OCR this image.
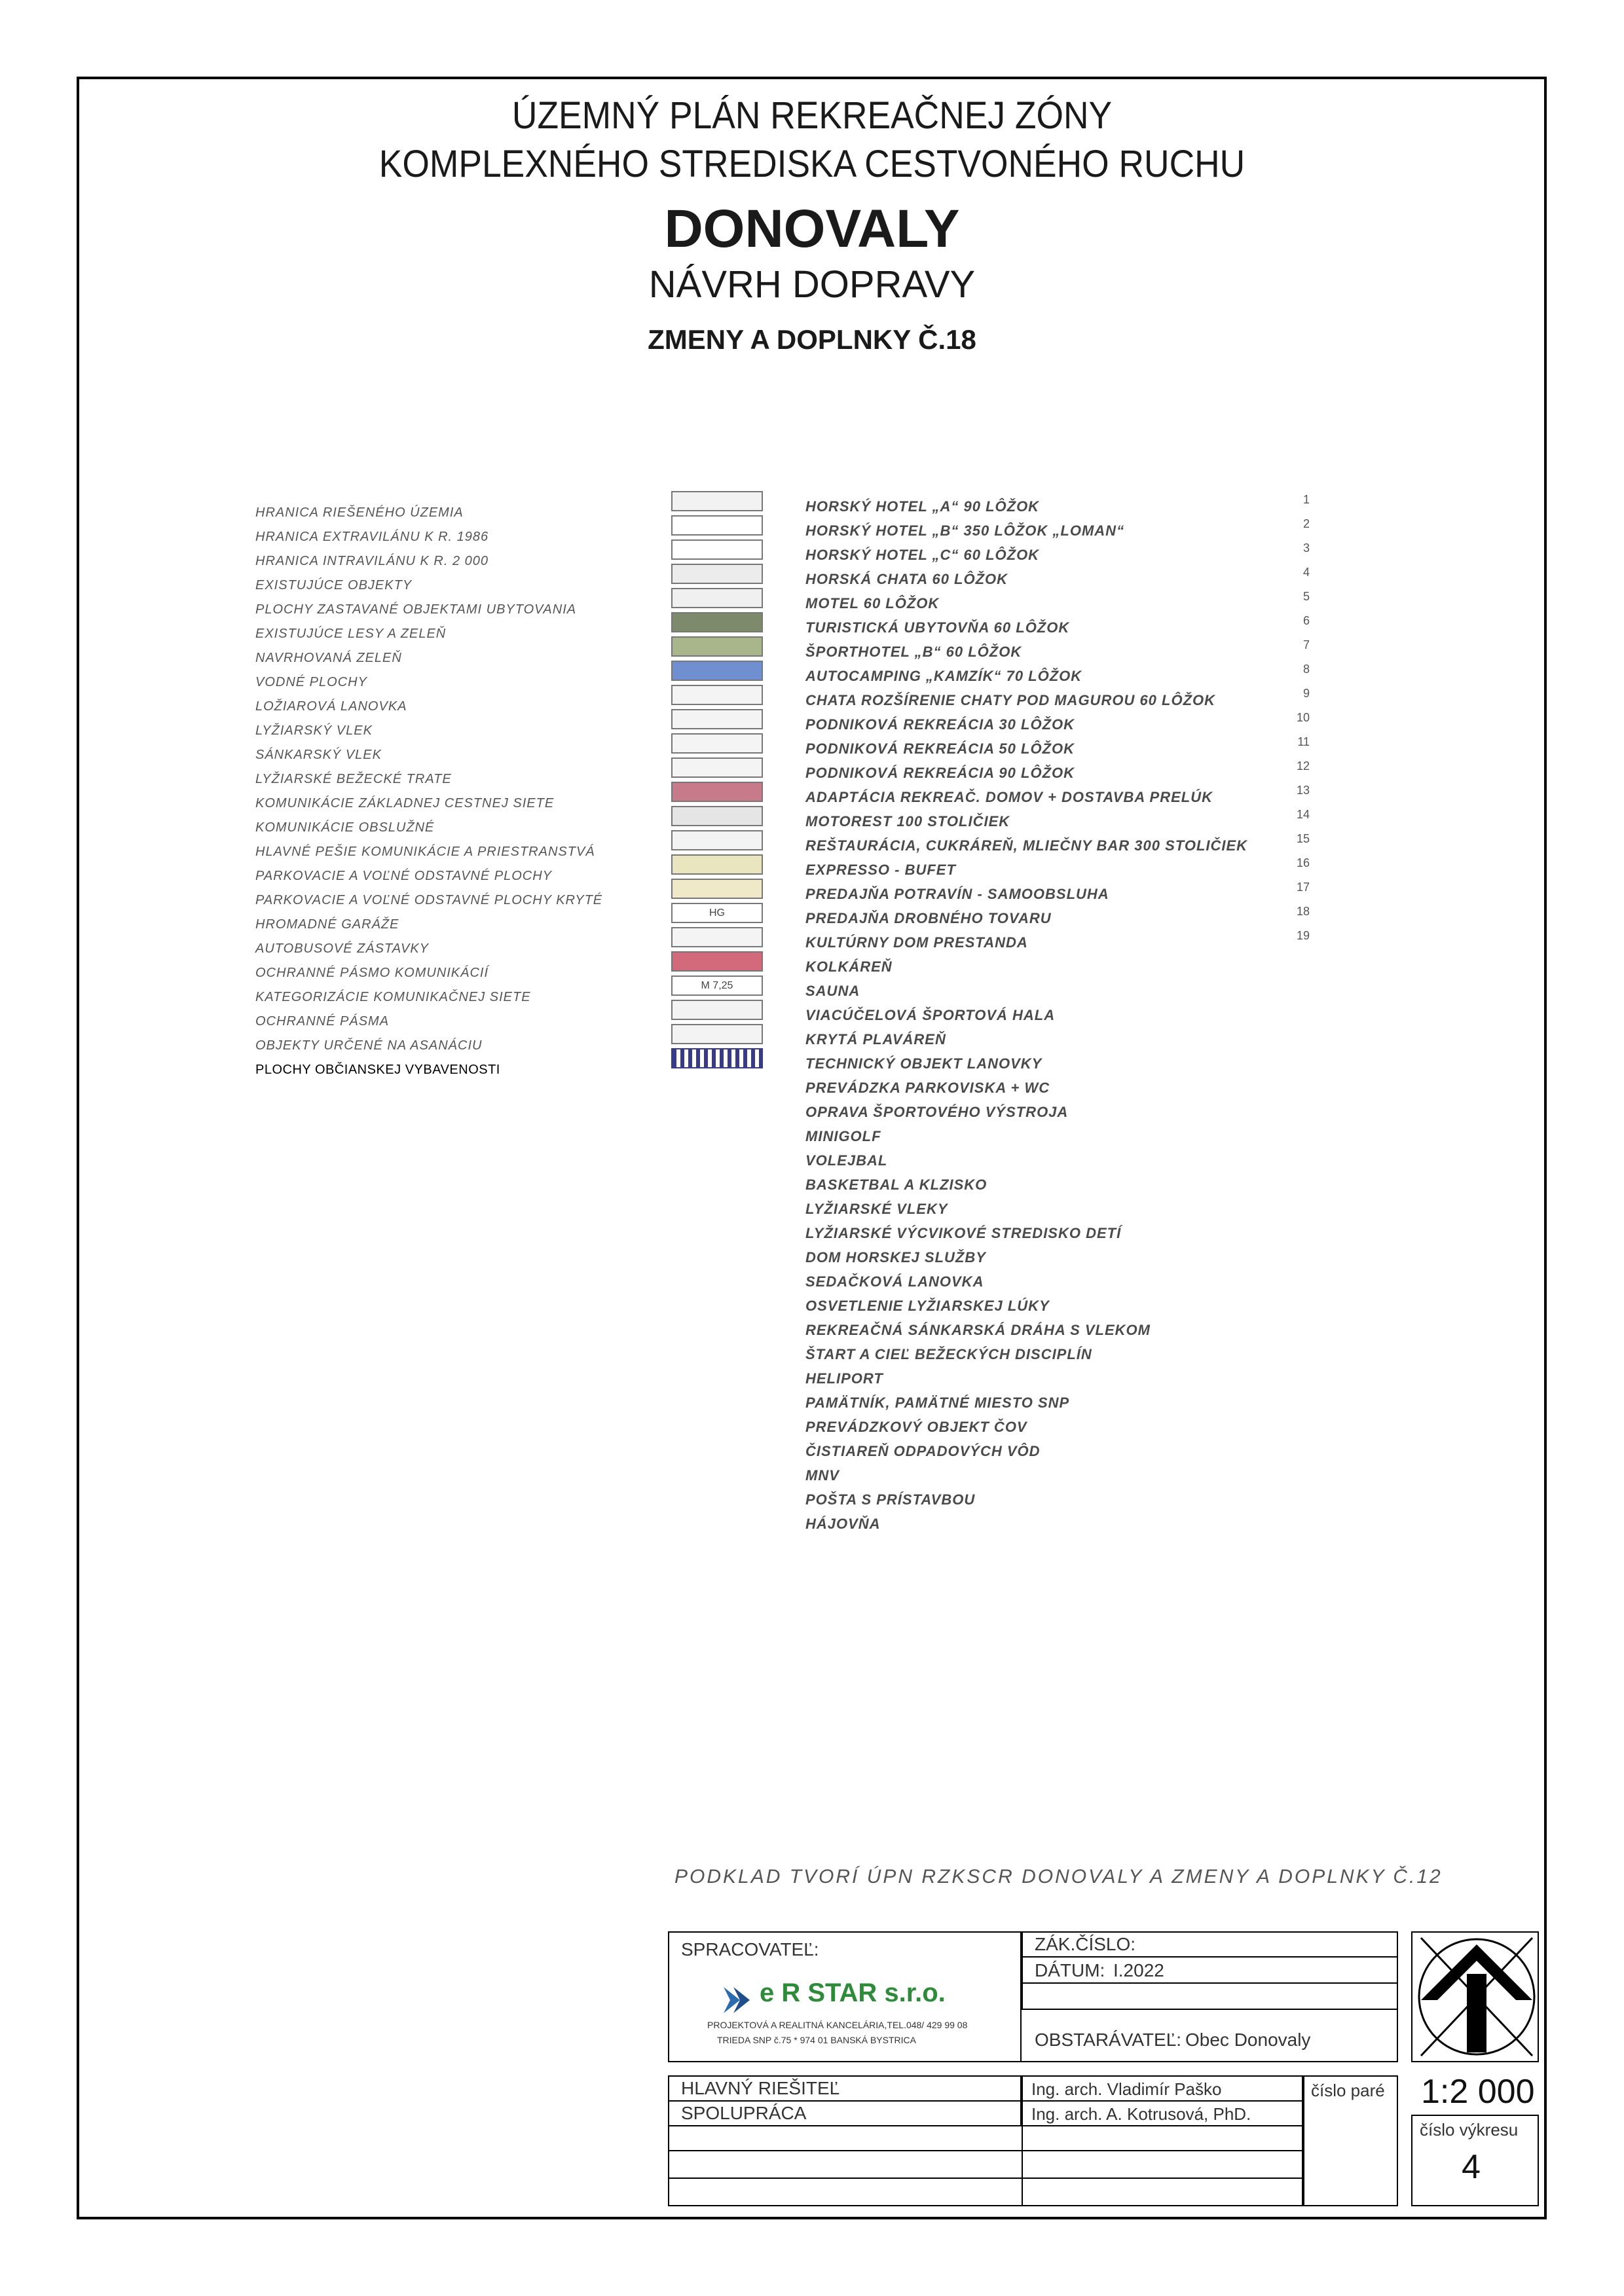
ÚZEMNÝ PLÁN REKREAČNEJ ZÓNY
KOMPLEXNÉHO STREDISKA CESTVONÉHO RUCHU
DONOVALY
NÁVRH DOPRAVY
ZMENY A DOPLNKY Č.18
HRANICA RIEŠENÉHO ÚZEMIA
HRANICA EXTRAVILÁNU K R. 1986
HRANICA INTRAVILÁNU K R. 2 000
EXISTUJÚCE OBJEKTY
PLOCHY ZASTAVANÉ OBJEKTAMI UBYTOVANIA
EXISTUJÚCE LESY A ZELEŇ
NAVRHOVANÁ ZELEŇ
VODNÉ PLOCHY
LOŽIAROVÁ LANOVKA
LYŽIARSKÝ VLEK
SÁNKARSKÝ VLEK
LYŽIARSKÉ BEŽECKÉ TRATE
KOMUNIKÁCIE ZÁKLADNEJ CESTNEJ SIETE
KOMUNIKÁCIE OBSLUŽNÉ
HLAVNÉ PEŠIE KOMUNIKÁCIE A PRIESTRANSTVÁ
PARKOVACIE A VOĽNÉ ODSTAVNÉ PLOCHY
PARKOVACIE A VOĽNÉ ODSTAVNÉ PLOCHY KRYTÉ
HROMADNÉ GARÁŽE
AUTOBUSOVÉ ZÁSTAVKY
OCHRANNÉ PÁSMO KOMUNIKÁCIÍ
KATEGORIZÁCIE KOMUNIKAČNEJ SIETE
OCHRANNÉ PÁSMA
OBJEKTY URČENÉ NA ASANÁCIU
PLOCHY OBČIANSKEJ VYBAVENOSTI
HG
M 7,25
HORSKÝ HOTEL „A“ 90 LÔŽOK
HORSKÝ HOTEL „B“ 350 LÔŽOK „LOMAN“
HORSKÝ HOTEL „C“ 60 LÔŽOK
HORSKÁ CHATA 60 LÔŽOK
MOTEL 60 LÔŽOK
TURISTICKÁ UBYTOVŇA 60 LÔŽOK
ŠPORTHOTEL „B“ 60 LÔŽOK
AUTOCAMPING „KAMZÍK“ 70 LÔŽOK
CHATA ROZŠÍRENIE CHATY POD MAGUROU 60 LÔŽOK
PODNIKOVÁ REKREÁCIA 30 LÔŽOK
PODNIKOVÁ REKREÁCIA 50 LÔŽOK
PODNIKOVÁ REKREÁCIA 90 LÔŽOK
ADAPTÁCIA REKREAČ. DOMOV + DOSTAVBA PRELÚK
MOTOREST 100 STOLIČIEK
REŠTAURÁCIA, CUKRÁREŇ, MLIEČNY BAR 300 STOLIČIEK
EXPRESSO - BUFET
PREDAJŇA POTRAVÍN - SAMOOBSLUHA
PREDAJŇA DROBNÉHO TOVARU
KULTÚRNY DOM PRESTANDA
KOLKÁREŇ
SAUNA
VIACÚČELOVÁ ŠPORTOVÁ HALA
KRYTÁ PLAVÁREŇ
TECHNICKÝ OBJEKT LANOVKY
PREVÁDZKA PARKOVISKA + WC
OPRAVA ŠPORTOVÉHO VÝSTROJA
MINIGOLF
VOLEJBAL
BASKETBAL A KLZISKO
LYŽIARSKÉ VLEKY
LYŽIARSKÉ VÝCVIKOVÉ STREDISKO DETÍ
DOM HORSKEJ SLUŽBY
SEDAČKOVÁ LANOVKA
OSVETLENIE LYŽIARSKEJ LÚKY
REKREAČNÁ SÁNKARSKÁ DRÁHA S VLEKOM
ŠTART A CIEĽ BEŽECKÝCH DISCIPLÍN
HELIPORT
PAMÄTNÍK, PAMÄTNÉ MIESTO SNP
PREVÁDZKOVÝ OBJEKT ČOV
ČISTIAREŇ ODPADOVÝCH VÔD
MNV
POŠTA S PRÍSTAVBOU
HÁJOVŇA
1
2
3
4
5
6
7
8
9
10
11
12
13
14
15
16
17
18
19
PODKLAD TVORÍ ÚPN RZKSCR DONOVALY A ZMENY A DOPLNKY Č.12
SPRACOVATEĽ:
e R STAR s.r.o.
PROJEKTOVÁ A REALITNÁ KANCELÁRIA,TEL.048/ 429 99 08
TRIEDA SNP č.75 * 974 01 BANSKÁ BYSTRICA
ZÁK.ČÍSLO:
DÁTUM: I.2022
OBSTARÁVATEĽ: Obec Donovaly
HLAVNÝ RIEŠITEĽ	Ing. arch. Vladimír Paško
SPOLUPRÁCA	Ing. arch. A. Kotrusová, PhD.
číslo paré 1:2 000
číslo výkresu
4
